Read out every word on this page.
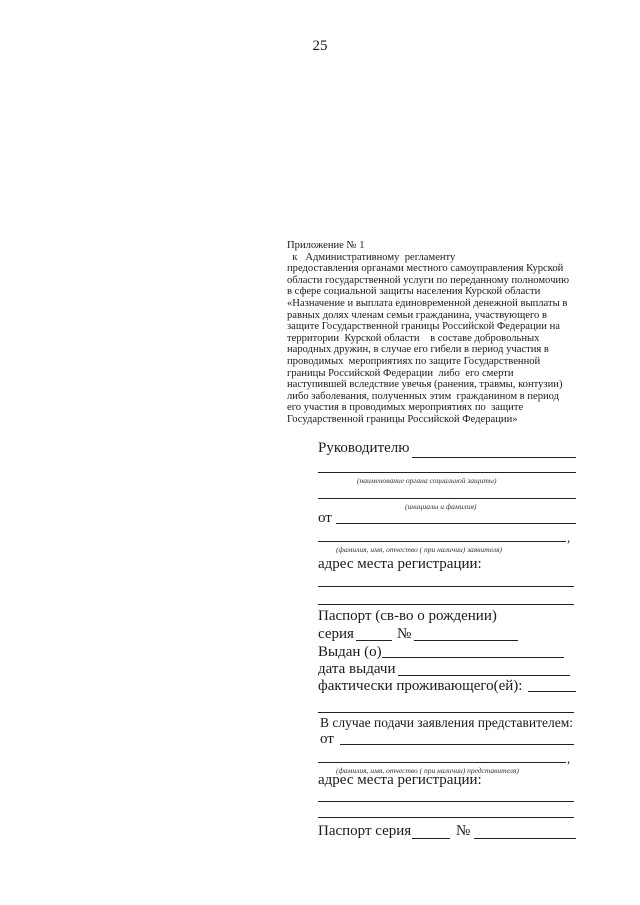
25
Приложение № 1
к   Административному  регламенту
предоставления органами местного самоуправления Курской
области государственной услуги по переданному полномочию
в сфере социальной защиты населения Курской области
«Назначение и выплата единовременной денежной выплаты в
равных долях членам семьи гражданина, участвующего в
защите Государственной границы Российской Федерации на
территории  Курской области    в составе добровольных
народных дружин, в случае его гибели в период участия в
проводимых  мероприятиях по защите Государственной
границы Российской Федерации  либо  его смерти
наступившей вследствие увечья (ранения, травмы, контузии)
либо заболевания, полученных этим  гражданином в период
его участия в проводимых мероприятиях по  защите
Государственной границы Российской Федерации»
Руководителю
(наименование органа социальной защиты)
(инициалы и фамилия)
от
,
(фамилия, имя, отчество ( при наличии) заявителя)
адрес места регистрации:
Паспорт (св-во о рождении)
серия	№
Выдан (о)
дата выдачи
фактически проживающего(ей):
В случае подачи заявления представителем:
от
,
(фамилия, имя, отчество ( при наличии) представителя)
адрес места регистрации:
Паспорт серия	№
